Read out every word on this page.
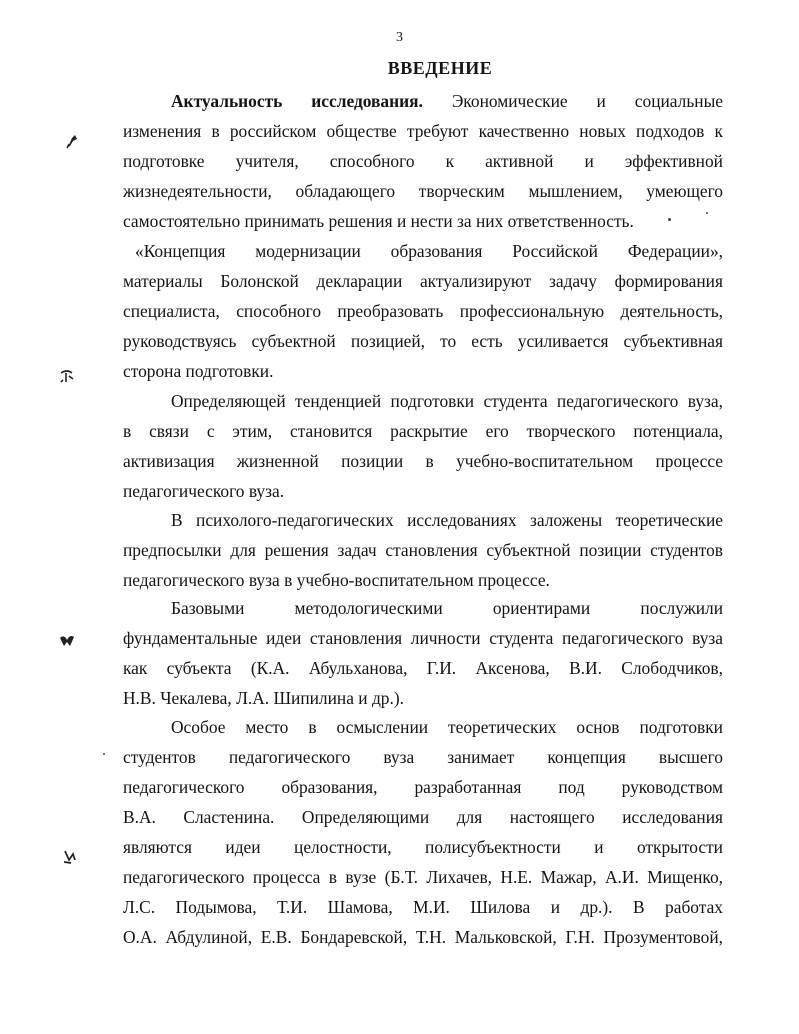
3
ВВЕДЕНИЕ
Актуальность исследования. Экономические и социальные
изменения в российском обществе требуют качественно новых подходов к
подготовке учителя, способного к активной и эффективной
жизнедеятельности, обладающего творческим мышлением, умеющего
самостоятельно принимать решения и нести за них ответственность.
«Концепция модернизации образования Российской Федерации»,
материалы Болонской декларации актуализируют задачу формирования
специалиста, способного преобразовать профессиональную деятельность,
руководствуясь субъектной позицией, то есть усиливается субъективная
сторона подготовки.
Определяющей тенденцией подготовки студента педагогического вуза,
в связи с этим, становится раскрытие его творческого потенциала,
активизация жизненной позиции в учебно-воспитательном процессе
педагогического вуза.
В психолого-педагогических исследованиях заложены теоретические
предпосылки для решения задач становления субъектной позиции студентов
педагогического вуза в учебно-воспитательном процессе.
Базовыми методологическими ориентирами послужили
фундаментальные идеи становления личности студента педагогического вуза
как субъекта (К.А. Абульханова, Г.И. Аксенова, В.И. Слободчиков,
Н.В. Чекалева, Л.А. Шипилина и др.).
Особое место в осмыслении теоретических основ подготовки
студентов педагогического вуза занимает концепция высшего
педагогического образования, разработанная под руководством
В.А. Сластенина. Определяющими для настоящего исследования
являются идеи целостности, полисубъектности и открытости
педагогического процесса в вузе (Б.Т. Лихачев, Н.Е. Мажар, А.И. Мищенко,
Л.С. Подымова, Т.И. Шамова, М.И. Шилова и др.). В работах
О.А. Абдулиной, Е.В. Бондаревской, Т.Н. Мальковской, Г.Н. Прозументовой,
